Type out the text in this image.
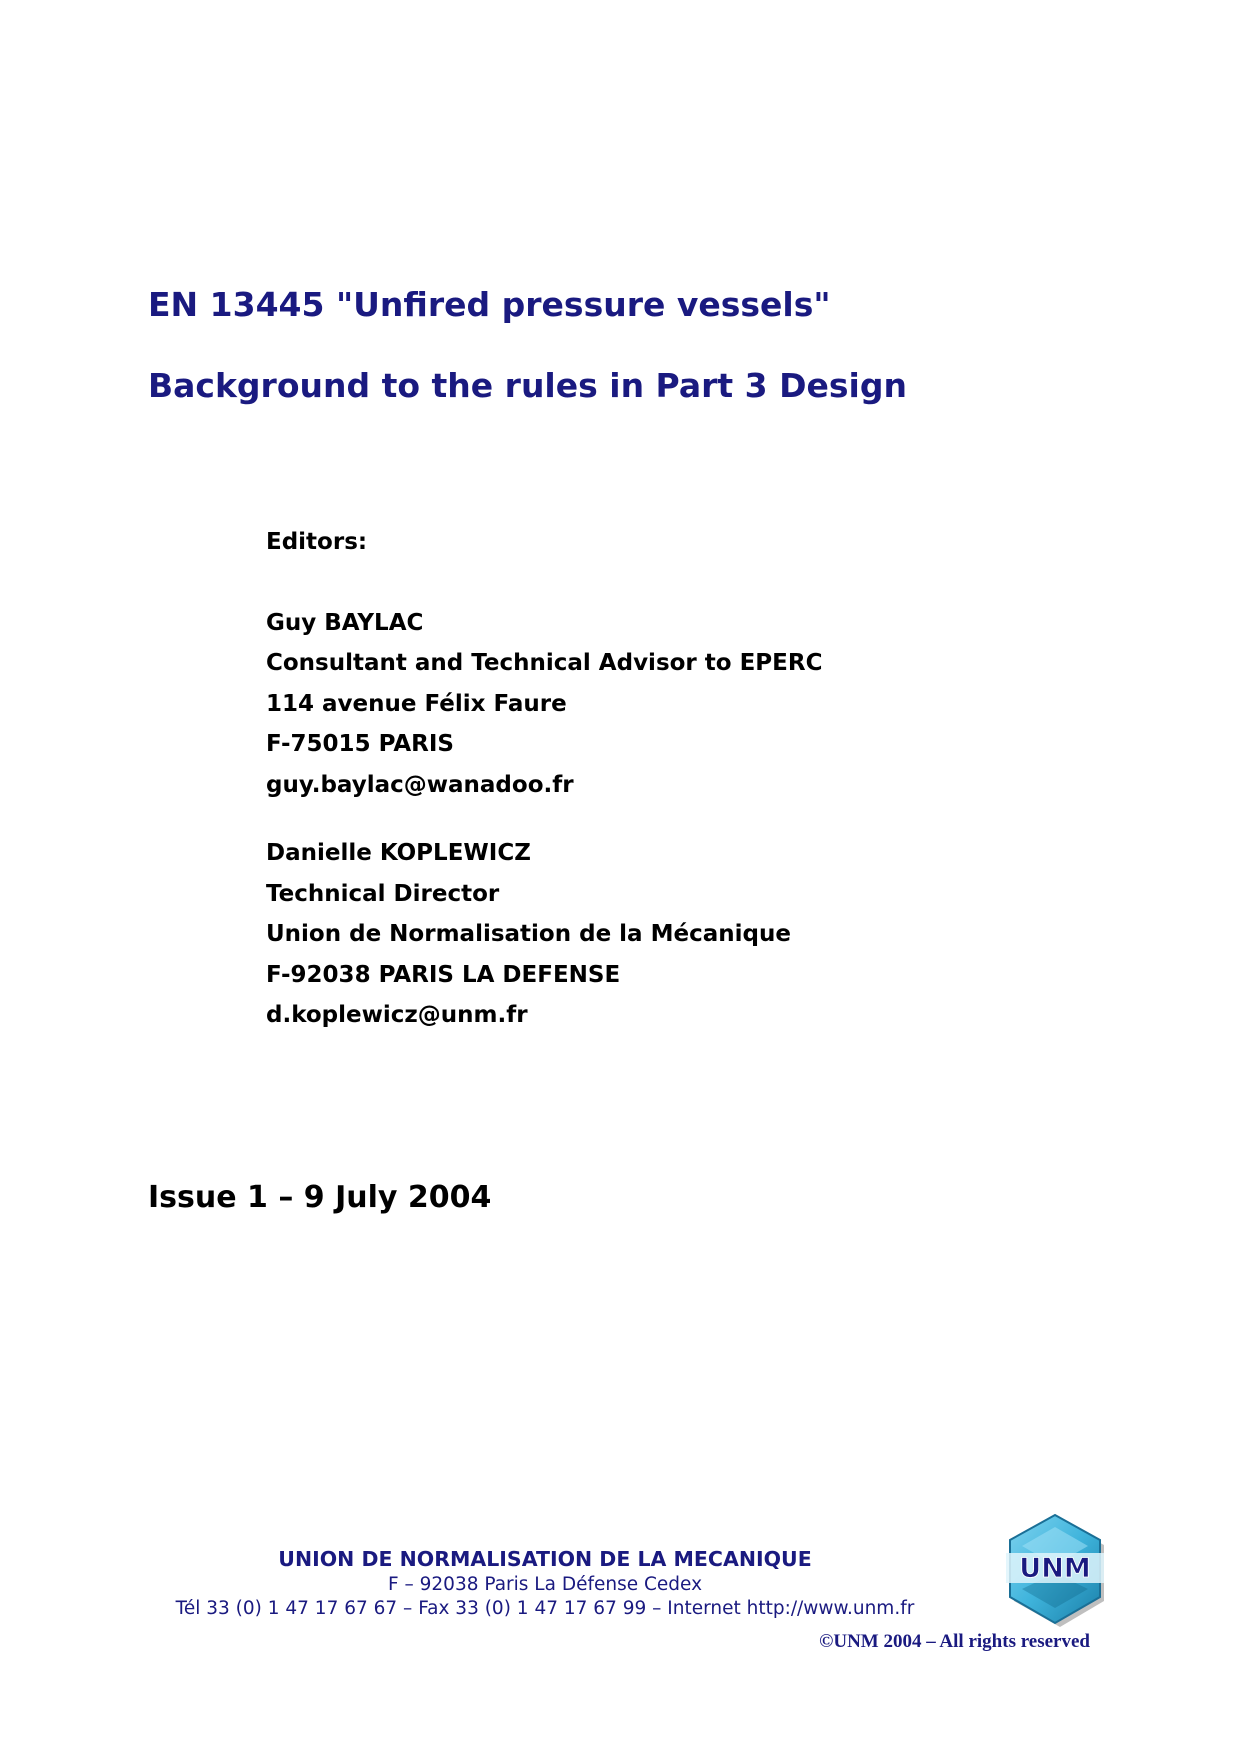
EN 13445 "Unfired pressure vessels"
Background to the rules in Part 3 Design
Editors:
Guy BAYLAC
Consultant and Technical Advisor to EPERC
114 avenue Félix Faure
F-75015 PARIS
guy.baylac@wanadoo.fr
Danielle KOPLEWICZ
Technical Director
Union de Normalisation de la Mécanique
F-92038 PARIS LA DEFENSE
d.koplewicz@unm.fr

Issue 1 – 9 July 2004

UNION DE NORMALISATION DE LA MECANIQUE
F – 92038 Paris La Défense Cedex
Tél 33 (0) 1 47 17 67 67 – Fax 33 (0) 1 47 17 67 99 – Internet http://www.unm.fr
UNM
©UNM 2004 – All rights reserved
